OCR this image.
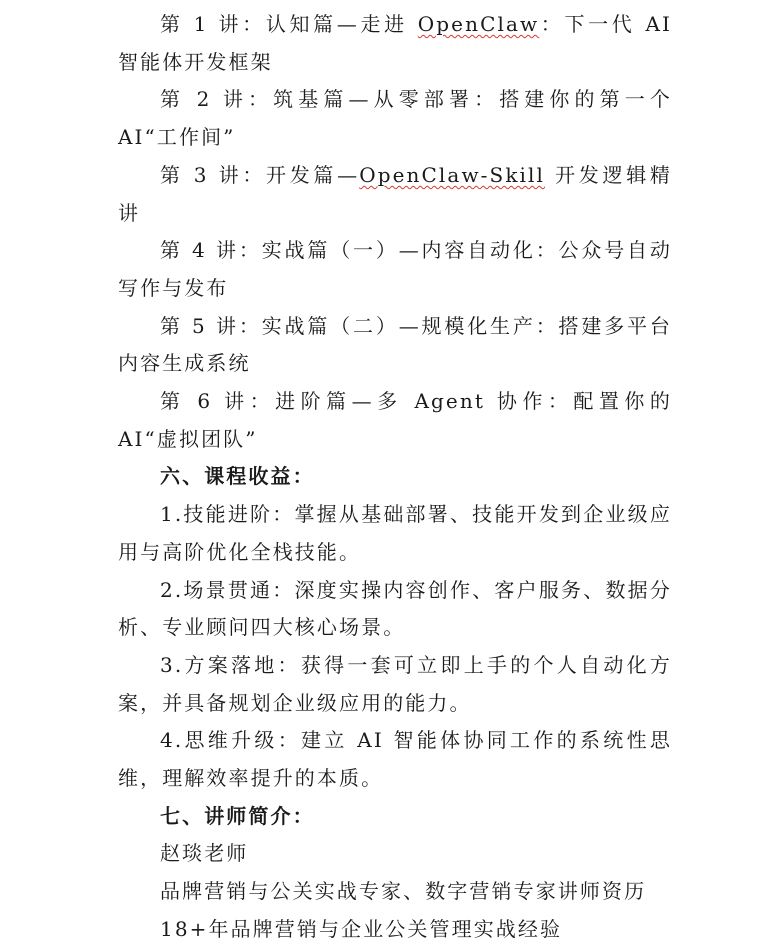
第 1 讲：认知篇—走进 OpenClaw：下一代 AI 智能体开发框架

第 2 讲：筑基篇—从零部署：搭建你的第一个 AI“工作间”

第 3 讲：开发篇—OpenClaw-Skill 开发逻辑精讲

第 4 讲：实战篇（一）—内容自动化：公众号自动写作与发布

第 5 讲：实战篇（二）—规模化生产：搭建多平台内容生成系统

第 6 讲：进阶篇—多 Agent 协作：配置你的 AI“虚拟团队”

六、课程收益：

1.技能进阶：掌握从基础部署、技能开发到企业级应用与高阶优化全栈技能。

2.场景贯通：深度实操内容创作、客户服务、数据分析、专业顾问四大核心场景。

3.方案落地：获得一套可立即上手的个人自动化方案，并具备规划企业级应用的能力。

4.思维升级：建立 AI 智能体协同工作的系统性思维，理解效率提升的本质。

七、讲师简介：

赵琰老师

品牌营销与公关实战专家、数字营销专家讲师资历

18+年品牌营销与企业公关管理实战经验
